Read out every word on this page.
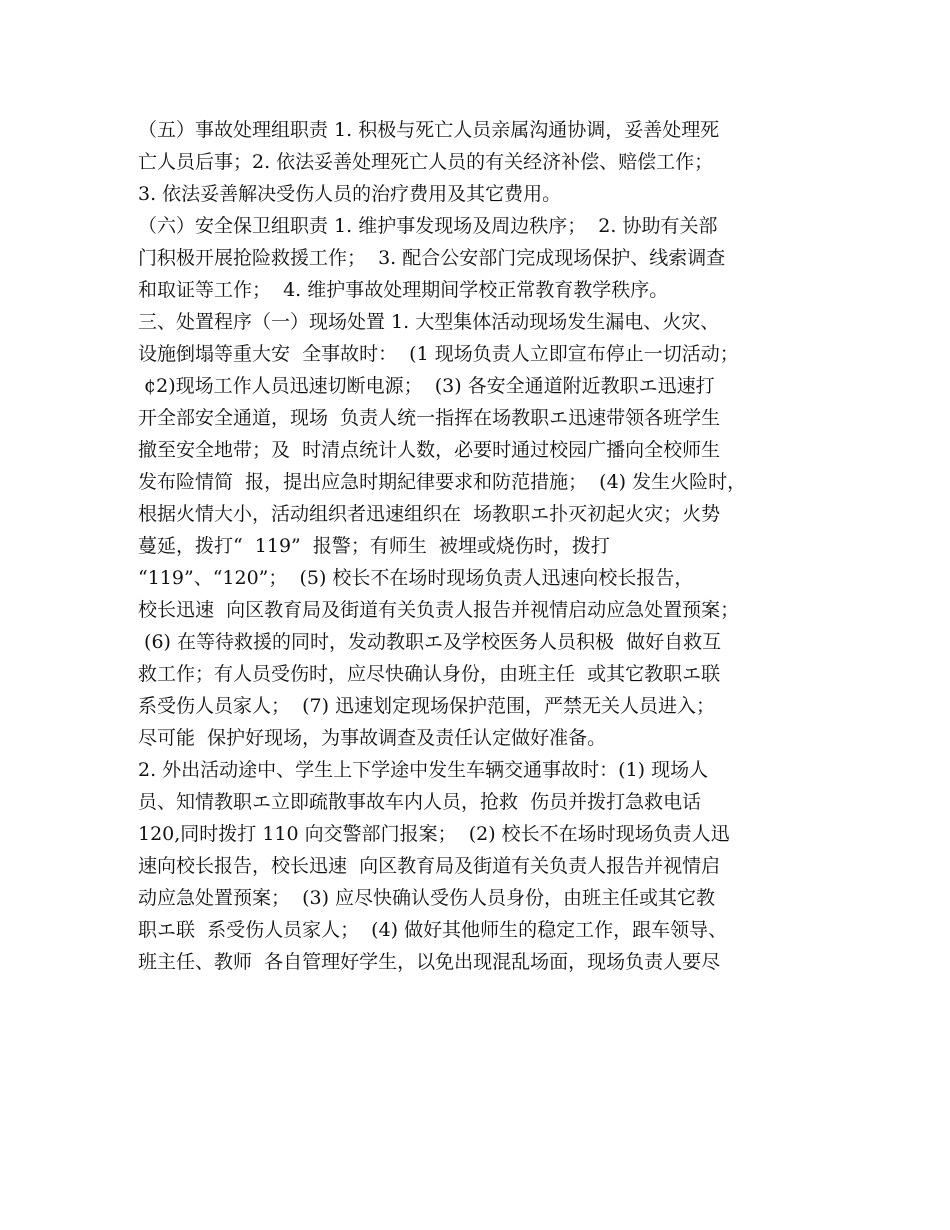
（五）事故处理组职责 1. 积极与死亡人员亲属沟通协调，妥善处理死
亡人员后事；2. 依法妥善处理死亡人员的有关经济补偿、赔偿工作；
3. 依法妥善解决受伤人员的治疗费用及其它费用。
（六）安全保卫组职责 1. 维护事发现场及周边秩序；  2. 协助有关部
门积极开展抢险救援工作；  3. 配合公安部门完成现场保护、线索调查
和取证等工作；  4. 维护事故处理期间学校正常教育教学秩序。
三、处置程序（一）现场处置 1. 大型集体活动现场发生漏电、火灾、
设施倒塌等重大安  全事故时：  (1 现场负责人立即宣布停止一切活动；
¢2)现场工作人员迅速切断电源；  (3) 各安全通道附近教职エ迅速打
开全部安全通道，现场  负责人统一指挥在场教职エ迅速带领各班学生
撤至安全地带；及  时清点统计人数，必要时通过校园广播向全校师生
发布险情简  报，提出应急时期紀律要求和防范措施；  (4) 发生火险时，
根据火情大小，活动组织者迅速组织在  场教职エ扑灭初起火灾；火势
蔓延，拨打“  119”  报警；有师生  被埋或烧伤时，拨打
“119”、“120”；  (5) 校长不在场时现场负责人迅速向校长报告，
校长迅速  向区教育局及街道有关负责人报告并视情启动应急处置预案；
(6) 在等待救援的同时，发动教职エ及学校医务人员积极  做好自救互
救工作；有人员受伤时，应尽快确认身份，由班主任  或其它教职エ联
系受伤人员家人；  (7) 迅速划定现场保护范围，严禁无关人员进入；
尽可能  保护好现场，为事故调查及责任认定做好准备。
2. 外出活动途中、学生上下学途中发生车辆交通事故时：(1) 现场人
员、知情教职エ立即疏散事故车内人员，抢救  伤员并拨打急救电话
120,同时拨打 110 向交警部门报案；  (2) 校长不在场时现场负责人迅
速向校长报告，校长迅速  向区教育局及街道有关负责人报告并视情启
动应急处置预案；  (3) 应尽快确认受伤人员身份，由班主任或其它教
职エ联  系受伤人员家人；  (4) 做好其他师生的稳定工作，跟车领导、
班主任、教师  各自管理好学生，以免出现混乱场面，现场负责人要尽
